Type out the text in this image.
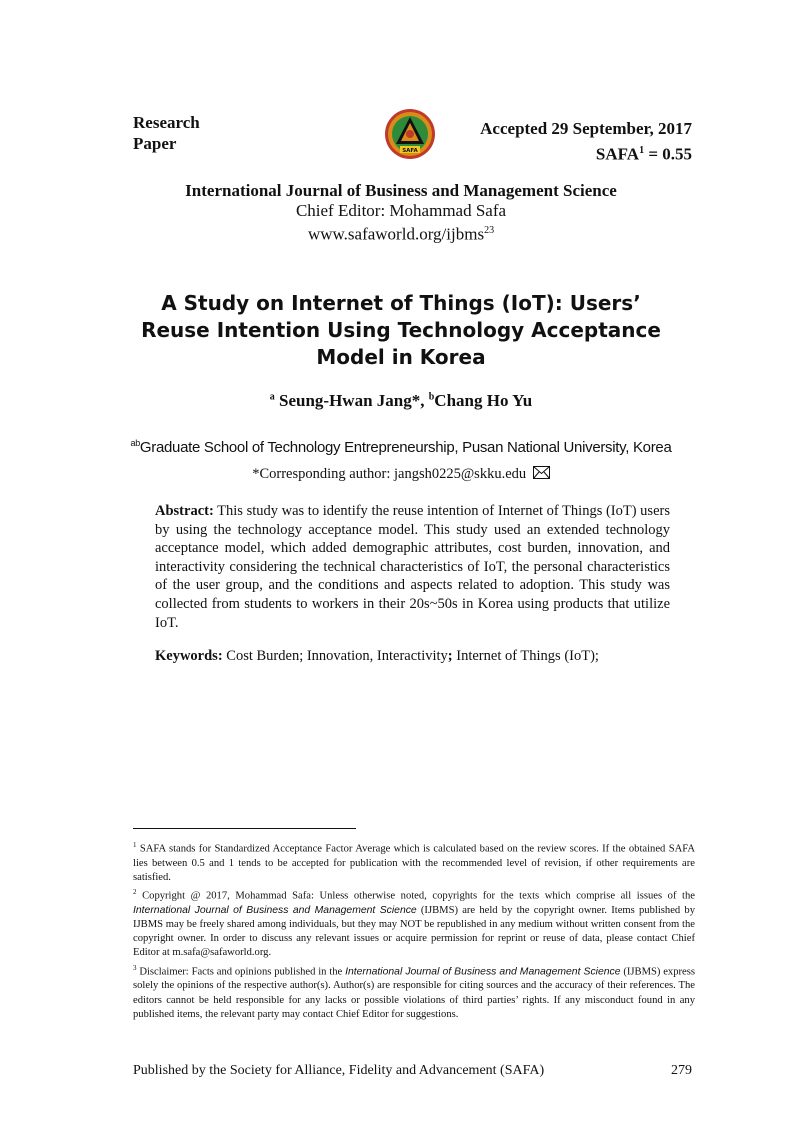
Research
Paper	SAFA
Accepted 29 September, 2017
$SAFA^1 = 0.55$
International Journal of Business and Management Science
Chief Editor: Mohammad Safa
www.safaworld.org/ijbms$^{23}$
A Study on Internet of Things (IoT): Users’ Reuse Intention Using Technology Acceptance Model in Korea
$^a$ Seung-Hwan Jang*, $^b$Chang Ho Yu
$^{ab}$Graduate School of Technology Entrepreneurship, Pusan National University, Korea
*Corresponding author: jangsh0225@skku.edu
Abstract: This study was to identify the reuse intention of Internet of Things (IoT) users by using the technology acceptance model. This study used an extended technology acceptance model, which added demographic attributes, cost burden, innovation, and interactivity considering the technical characteristics of IoT, the personal characteristics of the user group, and the conditions and aspects related to adoption. This study was collected from students to workers in their 20s~50s in Korea using products that utilize IoT.
Keywords: Cost Burden; Innovation, Interactivity; Internet of Things (IoT);

$^1$ SAFA stands for Standardized Acceptance Factor Average which is calculated based on the review scores. If the obtained SAFA lies between 0.5 and 1 tends to be accepted for publication with the recommended level of revision, if other requirements are satisfied.

$^2$ Copyright @ 2017, Mohammad Safa: Unless otherwise noted, copyrights for the texts which comprise all issues of the International Journal of Business and Management Science (IJBMS) are held by the copyright owner. Items published by IJBMS may be freely shared among individuals, but they may NOT be republished in any medium without written consent from the copyright owner. In order to discuss any relevant issues or acquire permission for reprint or reuse of data, please contact Chief Editor at m.safa@safaworld.org.

$^3$ Disclaimer: Facts and opinions published in the International Journal of Business and Management Science (IJBMS) express solely the opinions of the respective author(s). Author(s) are responsible for citing sources and the accuracy of their references. The editors cannot be held responsible for any lacks or possible violations of third parties’ rights. If any misconduct found in any published items, the relevant party may contact Chief Editor for suggestions.

Published by the Society for Alliance, Fidelity and Advancement (SAFA)	279
